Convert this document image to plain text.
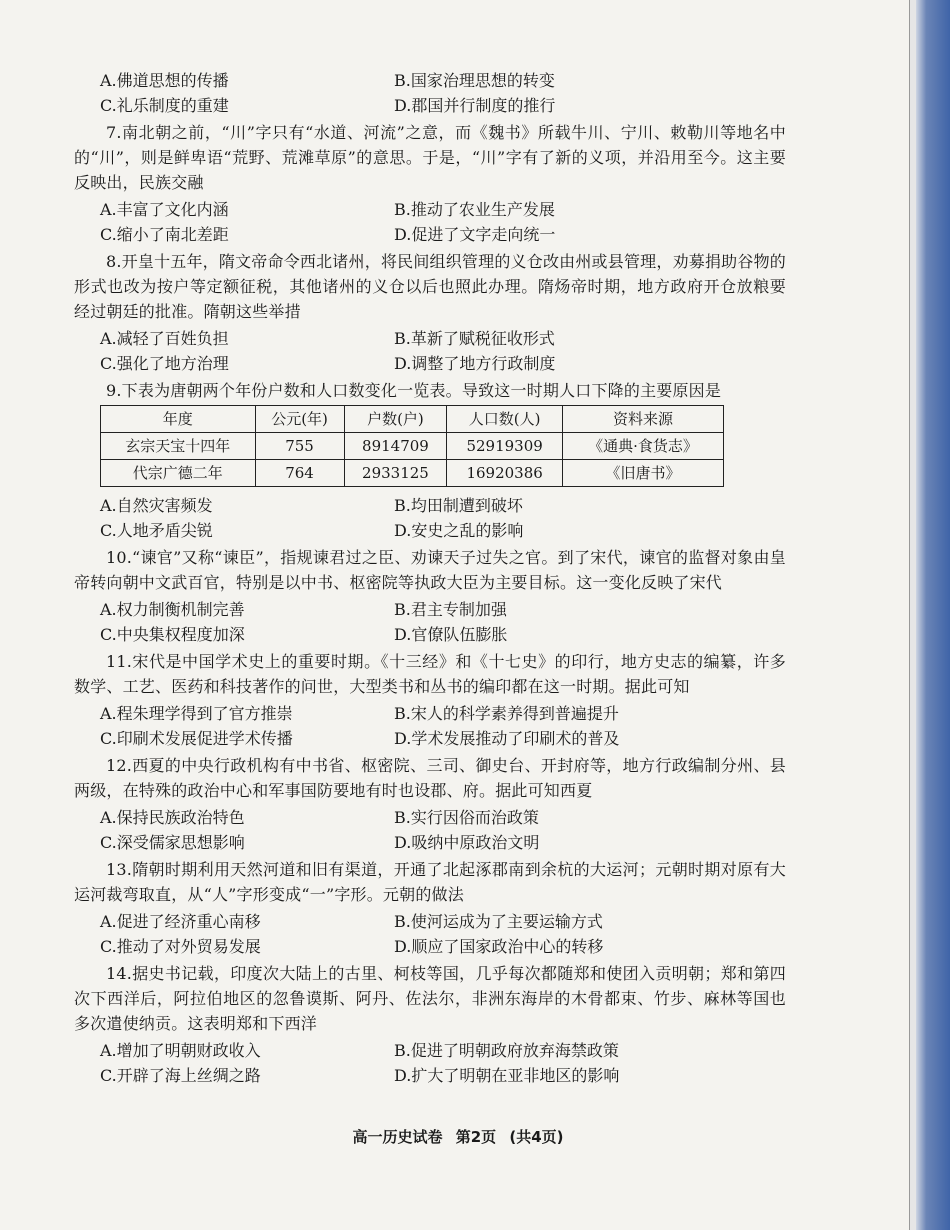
A.佛道思想的传播	B.国家治理思想的转变
C.礼乐制度的重建	D.郡国并行制度的推行

7.南北朝之前，“川”字只有“水道、河流”之意，而《魏书》所载牛川、宁川、敕勒川等地名中的“川”，则是鲜卑语“荒野、荒滩草原”的意思。于是，“川”字有了新的义项，并沿用至今。这主要反映出，民族交融

A.丰富了文化内涵	B.推动了农业生产发展
C.缩小了南北差距	D.促进了文字走向统一

8.开皇十五年，隋文帝命令西北诸州，将民间组织管理的义仓改由州或县管理，劝募捐助谷物的形式也改为按户等定额征税，其他诸州的义仓以后也照此办理。隋炀帝时期，地方政府开仓放粮要经过朝廷的批准。隋朝这些举措

A.减轻了百姓负担	B.革新了赋税征收形式
C.强化了地方治理	D.调整了地方行政制度

9.下表为唐朝两个年份户数和人口数变化一览表。导致这一时期人口下降的主要原因是

年度	公元(年)	户数(户)	人口数(人)	资料来源
玄宗天宝十四年	755	8914709	52919309	《通典·食货志》
代宗广德二年	764	2933125	16920386	《旧唐书》
A.自然灾害频发	B.均田制遭到破坏
C.人地矛盾尖锐	D.安史之乱的影响

10.“谏官”又称“谏臣”，指规谏君过之臣、劝谏天子过失之官。到了宋代，谏官的监督对象由皇帝转向朝中文武百官，特别是以中书、枢密院等执政大臣为主要目标。这一变化反映了宋代

A.权力制衡机制完善	B.君主专制加强
C.中央集权程度加深	D.官僚队伍膨胀

11.宋代是中国学术史上的重要时期。《十三经》和《十七史》的印行，地方史志的编纂，许多数学、工艺、医药和科技著作的问世，大型类书和丛书的编印都在这一时期。据此可知

A.程朱理学得到了官方推崇	B.宋人的科学素养得到普遍提升
C.印刷术发展促进学术传播	D.学术发展推动了印刷术的普及

12.西夏的中央行政机构有中书省、枢密院、三司、御史台、开封府等，地方行政编制分州、县两级，在特殊的政治中心和军事国防要地有时也设郡、府。据此可知西夏

A.保持民族政治特色	B.实行因俗而治政策
C.深受儒家思想影响	D.吸纳中原政治文明

13.隋朝时期利用天然河道和旧有渠道，开通了北起涿郡南到余杭的大运河；元朝时期对原有大运河裁弯取直，从“人”字形变成“一”字形。元朝的做法

A.促进了经济重心南移	B.使河运成为了主要运输方式
C.推动了对外贸易发展	D.顺应了国家政治中心的转移

14.据史书记载，印度次大陆上的古里、柯枝等国，几乎每次都随郑和使团入贡明朝；郑和第四次下西洋后，阿拉伯地区的忽鲁谟斯、阿丹、佐法尔，非洲东海岸的木骨都束、竹步、麻林等国也多次遣使纳贡。这表明郑和下西洋

A.增加了明朝财政收入	B.促进了明朝政府放弃海禁政策
C.开辟了海上丝绸之路	D.扩大了明朝在亚非地区的影响
高一历史试卷 第2页 (共4页)
